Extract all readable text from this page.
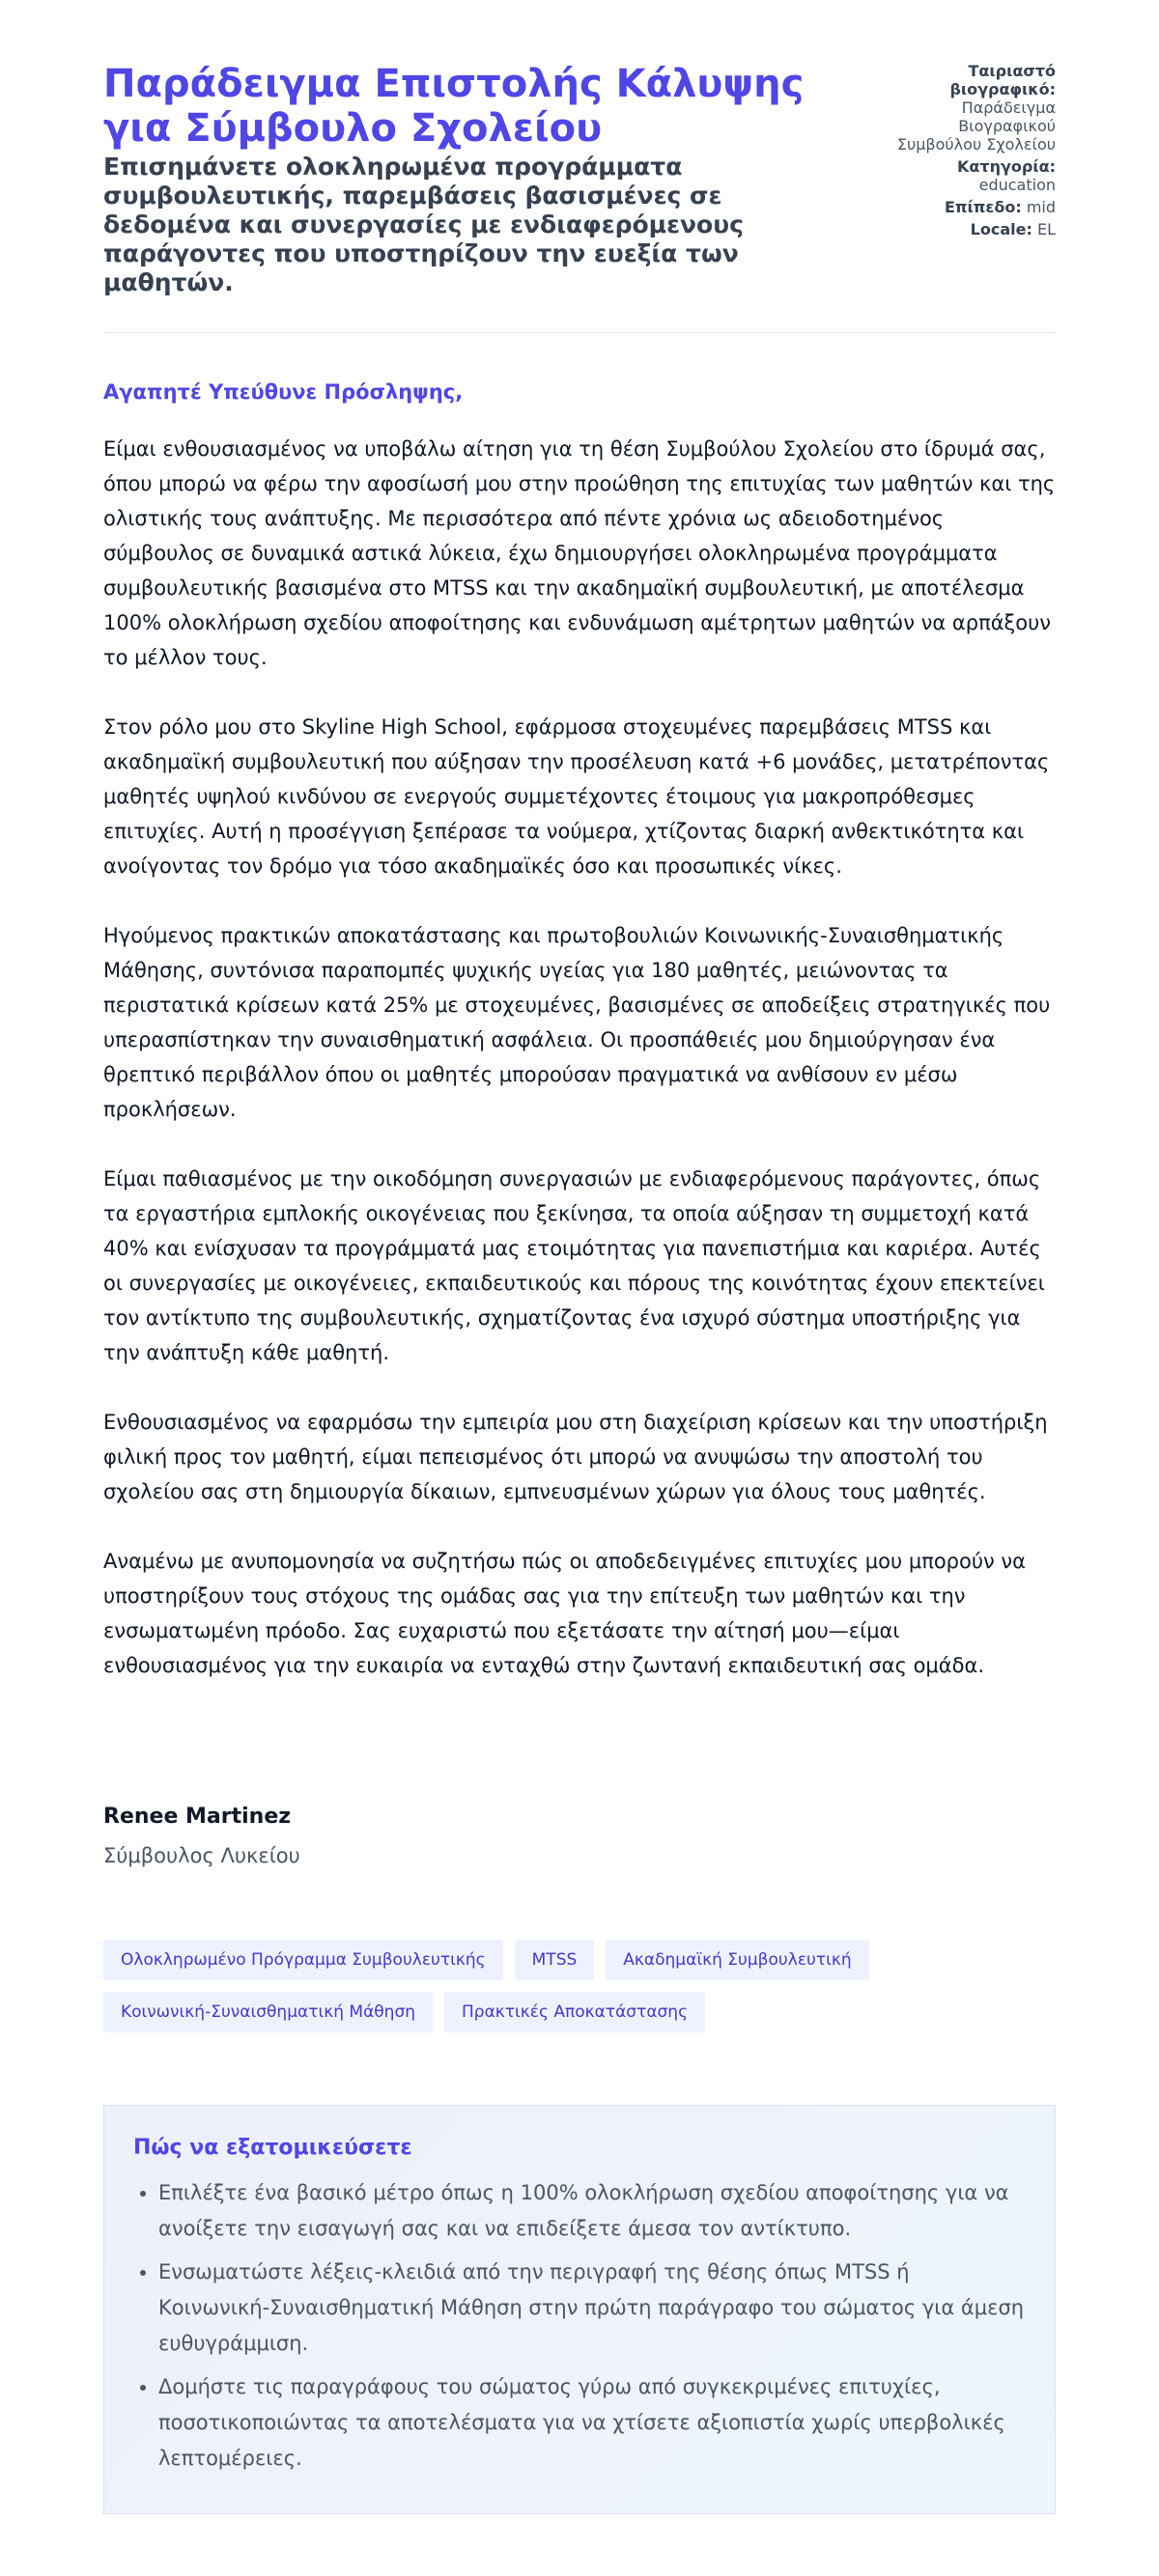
Παράδειγμα Επιστολής Κάλυψης για Σύμβουλο Σχολείου
Επισημάνετε ολοκληρωμένα προγράμματα συμβουλευτικής, παρεμβάσεις βασισμένες σε δεδομένα και συνεργασίες με ενδιαφερόμενους παράγοντες που υποστηρίζουν την ευεξία των μαθητών.
Ταιριαστό βιογραφικό:
Παράδειγμα Βιογραφικού Συμβούλου Σχολείου
Κατηγορία:
education
Επίπεδο: mid
Locale: EL
Αγαπητέ Υπεύθυνε Πρόσληψης,

Είμαι ενθουσιασμένος να υποβάλω αίτηση για τη θέση Συμβούλου Σχολείου στο ίδρυμά σας, όπου μπορώ να φέρω την αφοσίωσή μου στην προώθηση της επιτυχίας των μαθητών και της ολιστικής τους ανάπτυξης. Με περισσότερα από πέντε χρόνια ως αδειοδοτημένος σύμβουλος σε δυναμικά αστικά λύκεια, έχω δημιουργήσει ολοκληρωμένα προγράμματα συμβουλευτικής βασισμένα στο MTSS και την ακαδημαϊκή συμβουλευτική, με αποτέλεσμα 100% ολοκλήρωση σχεδίου αποφοίτησης και ενδυνάμωση αμέτρητων μαθητών να αρπάξουν το μέλλον τους.

Στον ρόλο μου στο Skyline High School, εφάρμοσα στοχευμένες παρεμβάσεις MTSS και ακαδημαϊκή συμβουλευτική που αύξησαν την προσέλευση κατά +6 μονάδες, μετατρέποντας μαθητές υψηλού κινδύνου σε ενεργούς συμμετέχοντες έτοιμους για μακροπρόθεσμες επιτυχίες. Αυτή η προσέγγιση ξεπέρασε τα νούμερα, χτίζοντας διαρκή ανθεκτικότητα και ανοίγοντας τον δρόμο για τόσο ακαδημαϊκές όσο και προσωπικές νίκες.

Ηγούμενος πρακτικών αποκατάστασης και πρωτοβουλιών Κοινωνικής-Συναισθηματικής Μάθησης, συντόνισα παραπομπές ψυχικής υγείας για 180 μαθητές, μειώνοντας τα περιστατικά κρίσεων κατά 25% με στοχευμένες, βασισμένες σε αποδείξεις στρατηγικές που υπερασπίστηκαν την συναισθηματική ασφάλεια. Οι προσπάθειές μου δημιούργησαν ένα θρεπτικό περιβάλλον όπου οι μαθητές μπορούσαν πραγματικά να ανθίσουν εν μέσω προκλήσεων.

Είμαι παθιασμένος με την οικοδόμηση συνεργασιών με ενδιαφερόμενους παράγοντες, όπως τα εργαστήρια εμπλοκής οικογένειας που ξεκίνησα, τα οποία αύξησαν τη συμμετοχή κατά 40% και ενίσχυσαν τα προγράμματά μας ετοιμότητας για πανεπιστήμια και καριέρα. Αυτές οι συνεργασίες με οικογένειες, εκπαιδευτικούς και πόρους της κοινότητας έχουν επεκτείνει τον αντίκτυπο της συμβουλευτικής, σχηματίζοντας ένα ισχυρό σύστημα υποστήριξης για την ανάπτυξη κάθε μαθητή.

Ενθουσιασμένος να εφαρμόσω την εμπειρία μου στη διαχείριση κρίσεων και την υποστήριξη φιλική προς τον μαθητή, είμαι πεπεισμένος ότι μπορώ να ανυψώσω την αποστολή του σχολείου σας στη δημιουργία δίκαιων, εμπνευσμένων χώρων για όλους τους μαθητές.

Αναμένω με ανυπομονησία να συζητήσω πώς οι αποδεδειγμένες επιτυχίες μου μπορούν να υποστηρίξουν τους στόχους της ομάδας σας για την επίτευξη των μαθητών και την ενσωματωμένη πρόοδο. Σας ευχαριστώ που εξετάσατε την αίτησή μου—είμαι ενθουσιασμένος για την ευκαιρία να ενταχθώ στην ζωντανή εκπαιδευτική σας ομάδα.

Renee Martinez
Σύμβουλος Λυκείου
Ολοκληρωμένο Πρόγραμμα Συμβουλευτικής	MTSS	Ακαδημαϊκή Συμβουλευτική
Κοινωνική-Συναισθηματική Μάθηση	Πρακτικές Αποκατάστασης
Πώς να εξατομικεύσετε
• Επιλέξτε ένα βασικό μέτρο όπως η 100% ολοκλήρωση σχεδίου αποφοίτησης για να ανοίξετε την εισαγωγή σας και να επιδείξετε άμεσα τον αντίκτυπο.
• Ενσωματώστε λέξεις-κλειδιά από την περιγραφή της θέσης όπως MTSS ή Κοινωνική-Συναισθηματική Μάθηση στην πρώτη παράγραφο του σώματος για άμεση ευθυγράμμιση.
• Δομήστε τις παραγράφους του σώματος γύρω από συγκεκριμένες επιτυχίες, ποσοτικοποιώντας τα αποτελέσματα για να χτίσετε αξιοπιστία χωρίς υπερβολικές λεπτομέρειες.
